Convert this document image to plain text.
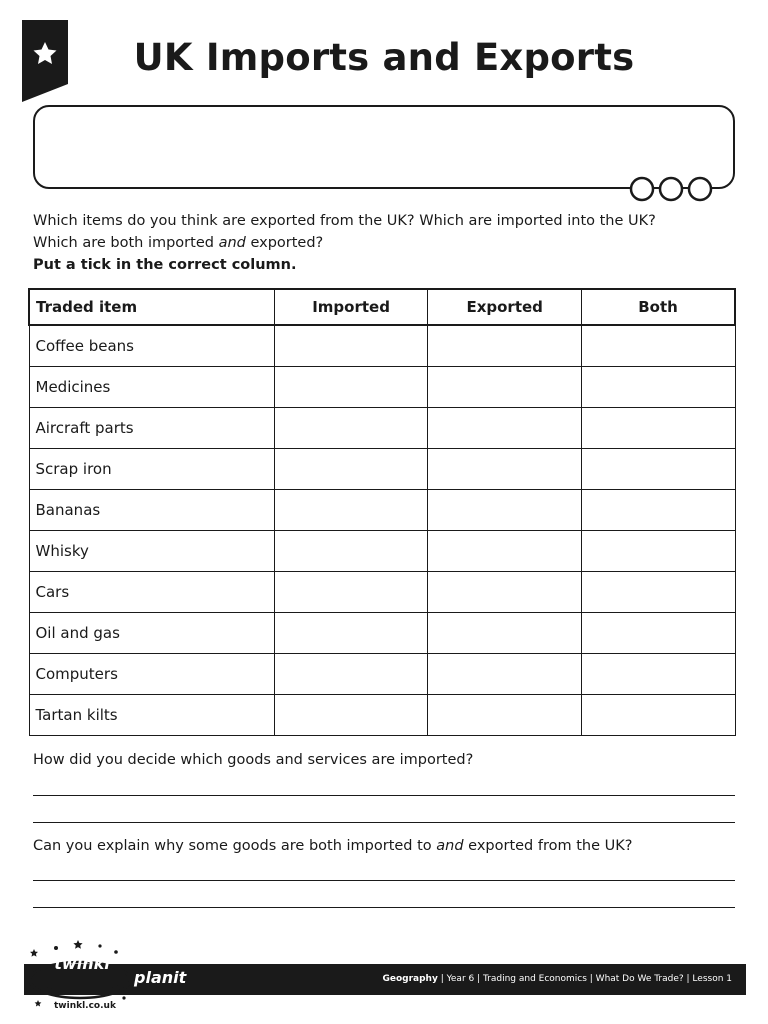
UK Imports and Exports
Which items do you think are exported from the UK? Which are imported into the UK?
Which are both imported and exported?
Put a tick in the correct column.
Traded item	Imported	Exported	Both
Coffee beans			
Medicines			
Aircraft parts			
Scrap iron			
Bananas			
Whisky			
Cars			
Oil and gas			
Computers			
Tartan kilts			
How did you decide which goods and services are imported?
Can you explain why some goods are both imported to and exported from the UK?
Geography | Year 6 | Trading and Economics | What Do We Trade? | Lesson 1
twinkl
planit
twinkl.co.uk
